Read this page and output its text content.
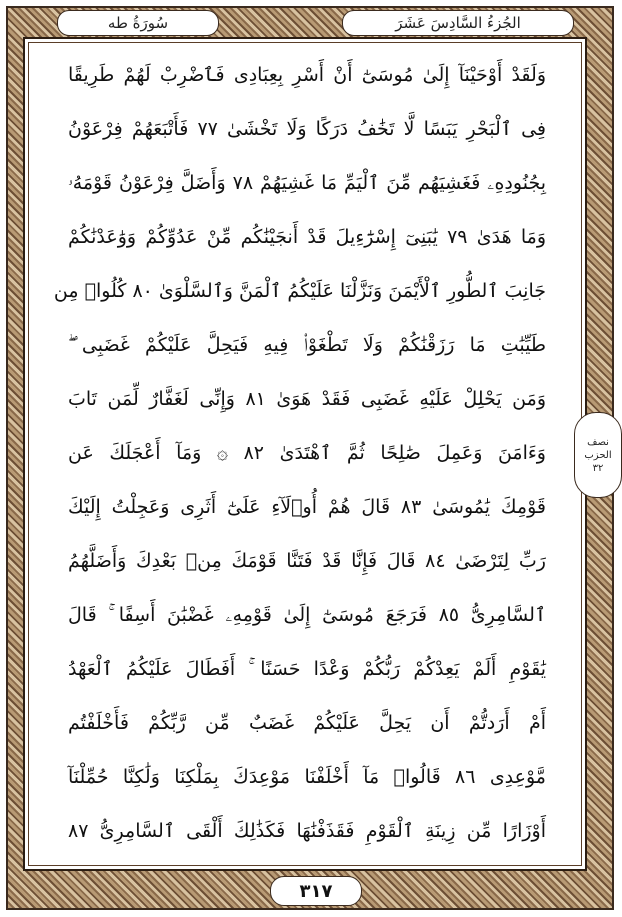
الجُزءُ السَّادِسَ عَشَرَ
سُورَةُ طه
نصف
الحزب
٣٢
وَلَقَدْ أَوْحَيْنَآ إِلَىٰ مُوسَىٰٓ أَنْ أَسْرِ بِعِبَادِى فَٱضْرِبْ لَهُمْ طَرِيقًا
فِى ٱلْبَحْرِ يَبَسًا لَّا تَخَٰفُ دَرَكًا وَلَا تَخْشَىٰ ٧٧ فَأَتْبَعَهُمْ فِرْعَوْنُ
بِجُنُودِهِۦ فَغَشِيَهُم مِّنَ ٱلْيَمِّ مَا غَشِيَهُمْ ٧٨ وَأَضَلَّ فِرْعَوْنُ قَوْمَهُۥ
وَمَا هَدَىٰ ٧٩ يَٰبَنِىٓ إِسْرَٰٓءِيلَ قَدْ أَنجَيْنَٰكُم مِّنْ عَدُوِّكُمْ وَوَٰعَدْنَٰكُمْ
جَانِبَ ٱلطُّورِ ٱلْأَيْمَنَ وَنَزَّلْنَا عَلَيْكُمُ ٱلْمَنَّ وَٱلسَّلْوَىٰ ٨٠ كُلُوا۟ مِن
طَيِّبَٰتِ مَا رَزَقْنَٰكُمْ وَلَا تَطْغَوْا۟ فِيهِ فَيَحِلَّ عَلَيْكُمْ غَضَبِى ۖ
وَمَن يَحْلِلْ عَلَيْهِ غَضَبِى فَقَدْ هَوَىٰ ٨١ وَإِنِّى لَغَفَّارٌ لِّمَن تَابَ
وَءَامَنَ وَعَمِلَ صَٰلِحًا ثُمَّ ٱهْتَدَىٰ ٨٢ ۞ وَمَآ أَعْجَلَكَ عَن
قَوْمِكَ يَٰمُوسَىٰ ٨٣ قَالَ هُمْ أُو۟لَآءِ عَلَىٰٓ أَثَرِى وَعَجِلْتُ إِلَيْكَ
رَبِّ لِتَرْضَىٰ ٨٤ قَالَ فَإِنَّا قَدْ فَتَنَّا قَوْمَكَ مِنۢ بَعْدِكَ وَأَضَلَّهُمُ
ٱلسَّامِرِىُّ ٨٥ فَرَجَعَ مُوسَىٰٓ إِلَىٰ قَوْمِهِۦ غَضْبَٰنَ أَسِفًا ۚ قَالَ
يَٰقَوْمِ أَلَمْ يَعِدْكُمْ رَبُّكُمْ وَعْدًا حَسَنًا ۚ أَفَطَالَ عَلَيْكُمُ ٱلْعَهْدُ
أَمْ أَرَدتُّمْ أَن يَحِلَّ عَلَيْكُمْ غَضَبٌ مِّن رَّبِّكُمْ فَأَخْلَفْتُم
مَّوْعِدِى ٨٦ قَالُوا۟ مَآ أَخْلَفْنَا مَوْعِدَكَ بِمَلْكِنَا وَلَٰكِنَّا حُمِّلْنَآ
أَوْزَارًا مِّن زِينَةِ ٱلْقَوْمِ فَقَذَفْنَٰهَا فَكَذَٰلِكَ أَلْقَى ٱلسَّامِرِىُّ ٨٧
٣١٧
